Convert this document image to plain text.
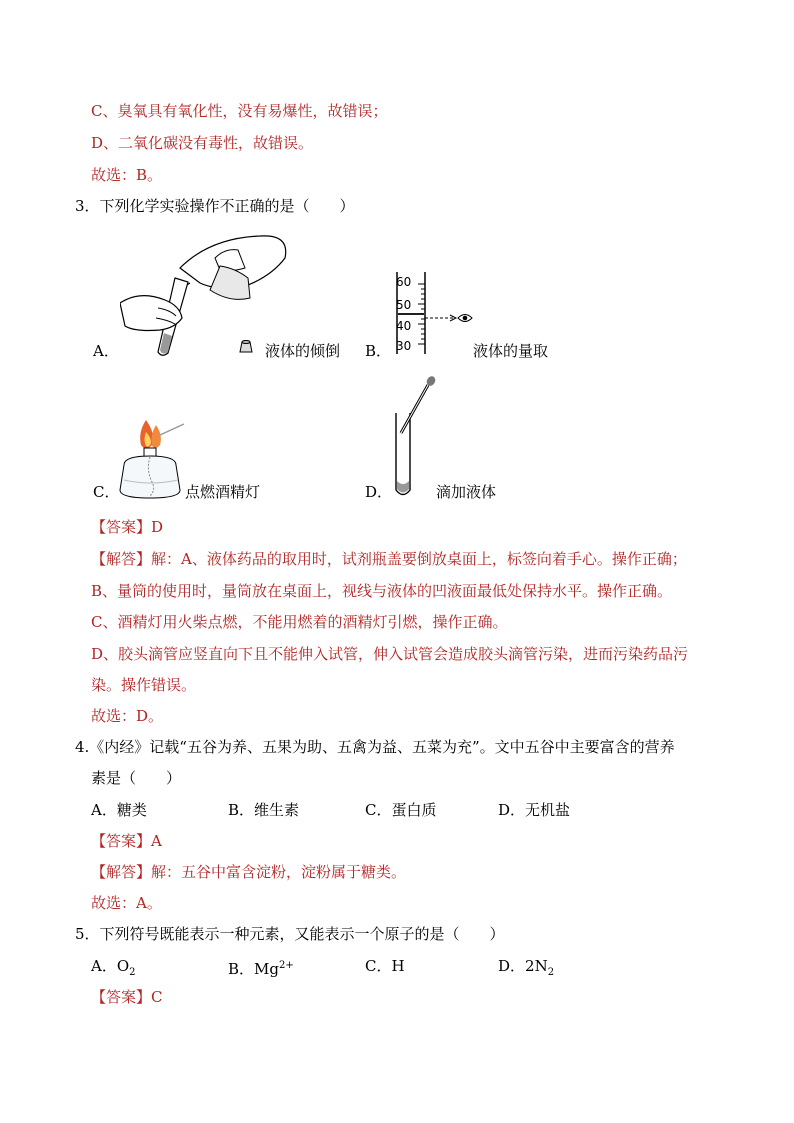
C、臭氧具有氧化性，没有易爆性，故错误；
D、二氧化碳没有毒性，故错误。
故选：B。
3．下列化学实验操作不正确的是（　　）
A．	液体的倾倒 B．
60
50
40
30	液体的量取
C．	点燃酒精灯	D．	滴加液体
【答案】D
【解答】解：A、液体药品的取用时，试剂瓶盖要倒放桌面上，标签向着手心。操作正确；
B、量筒的使用时，量筒放在桌面上，视线与液体的凹液面最低处保持水平。操作正确。
C、酒精灯用火柴点燃，不能用燃着的酒精灯引燃，操作正确。
D、胶头滴管应竖直向下且不能伸入试管，伸入试管会造成胶头滴管污染，进而污染药品污
染。操作错误。
故选：D。
4.《内经》记载“五谷为养、五果为助、五禽为益、五菜为充”。文中五谷中主要富含的营养
素是（　　）
A．糖类	B．维生素	C．蛋白质	D．无机盐
【答案】A
【解答】解：五谷中富含淀粉，淀粉属于糖类。
故选：A。
5．下列符号既能表示一种元素，又能表示一个原子的是（　　）
A．$O_2$	B．$Mg^{2+}$	C．H	D．$2N_2$
【答案】C
